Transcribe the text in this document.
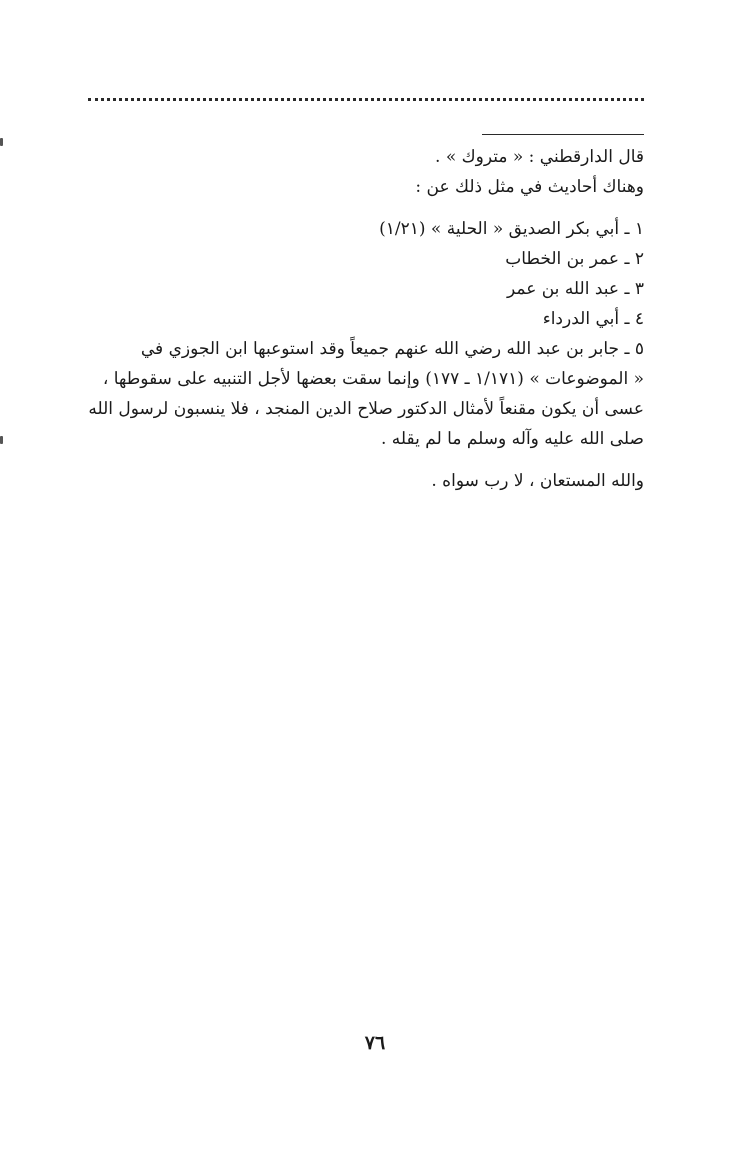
قال الدارقطني : « متروك » .

وهناك أحاديث في مثل ذلك عن :

١ ـ أبي بكر الصديق « الحلية » (١/٢١)

٢ ـ عمر بن الخطاب

٣ ـ عبد الله بن عمر

٤ ـ أبي الدرداء

٥ ـ جابر بن عبد الله رضي الله عنهم جميعاً وقد استوعبها ابن الجوزي في

« الموضوعات » (١/١٧١ ـ ١٧٧) وإنما سقت بعضها لأجل التنبيه على سقوطها ،

عسى أن يكون مقنعاً لأمثال الدكتور صلاح الدين المنجد ، فلا ينسبون لرسول الله

صلى الله عليه وآله وسلم ما لم يقله .

والله المستعان ، لا رب سواه .

٧٦
